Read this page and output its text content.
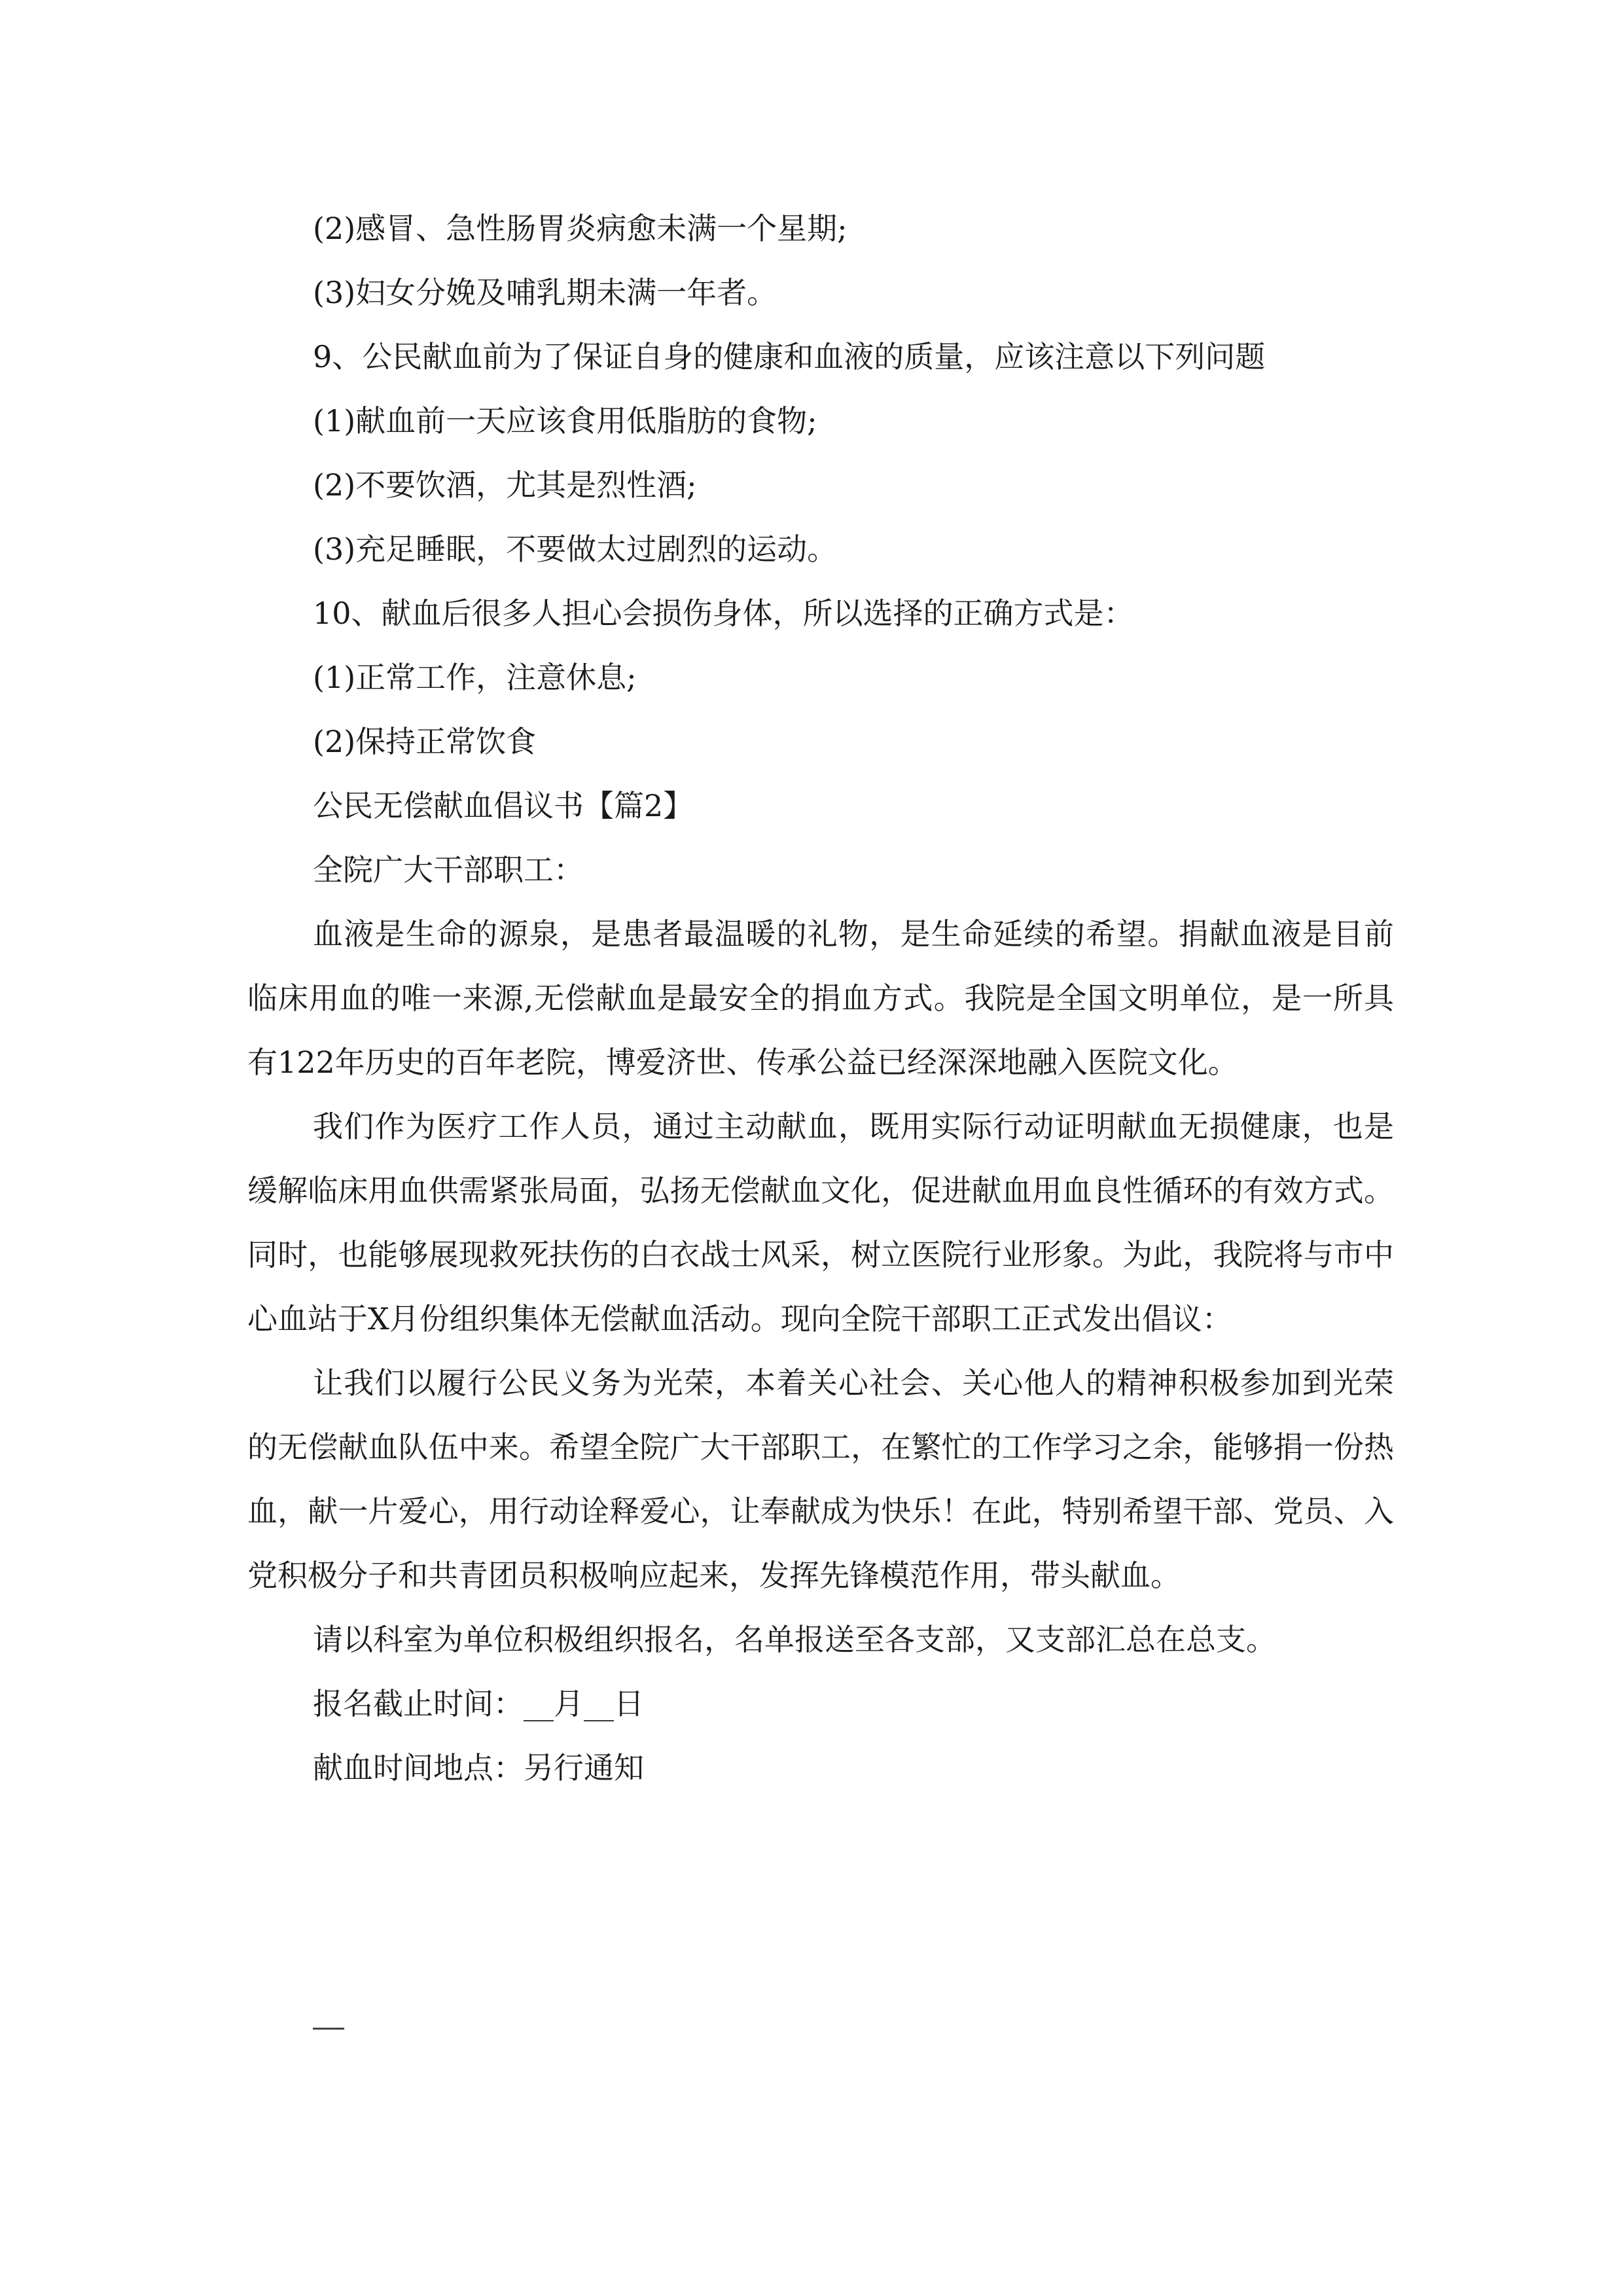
(2)感冒、急性肠胃炎病愈未满一个星期;

(3)妇女分娩及哺乳期未满一年者。

9、公民献血前为了保证自身的健康和血液的质量，应该注意以下列问题

(1)献血前一天应该食用低脂肪的食物;

(2)不要饮酒，尤其是烈性酒;

(3)充足睡眠，不要做太过剧烈的运动。

10、献血后很多人担心会损伤身体，所以选择的正确方式是：

(1)正常工作，注意休息;

(2)保持正常饮食

公民无偿献血倡议书【篇2】

全院广大干部职工：

血液是生命的源泉，是患者最温暖的礼物，是生命延续的希望。捐献血液是目前临床用血的唯一来源,无偿献血是最安全的捐血方式。我院是全国文明单位，是一所具有122年历史的百年老院，博爱济世、传承公益已经深深地融入医院文化。

我们作为医疗工作人员，通过主动献血，既用实际行动证明献血无损健康，也是缓解临床用血供需紧张局面，弘扬无偿献血文化，促进献血用血良性循环的有效方式。同时，也能够展现救死扶伤的白衣战士风采，树立医院行业形象。为此，我院将与市中心血站于X月份组织集体无偿献血活动。现向全院干部职工正式发出倡议：

让我们以履行公民义务为光荣，本着关心社会、关心他人的精神积极参加到光荣的无偿献血队伍中来。希望全院广大干部职工，在繁忙的工作学习之余，能够捐一份热血，献一片爱心，用行动诠释爱心，让奉献成为快乐！在此，特别希望干部、党员、入党积极分子和共青团员积极响应起来，发挥先锋模范作用，带头献血。

请以科室为单位积极组织报名，名单报送至各支部，又支部汇总在总支。

报名截止时间：__月__日

献血时间地点：另行通知
